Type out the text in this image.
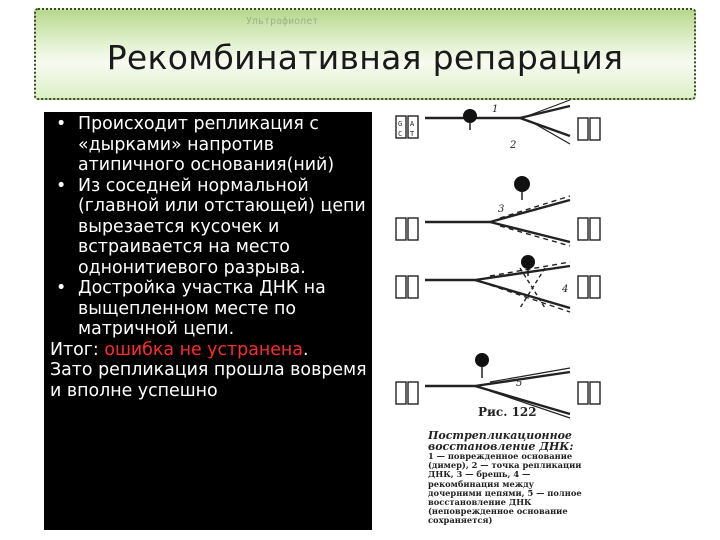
Ультрафиолет
Рекомбинативная репарация
• Происходит репликация с «дырками» напротив атипичного основания(ний)
• Из соседней нормальной (главной или отстающей) цепи вырезается кусочек и встраивается на место однонитиевого разрыва.
• Достройка участка ДНК на выщепленном месте по матричной цепи.
Итог: ошибка не устранена.
Зато репликация прошла вовремя и вполне успешно
1
2
3
4
5
G
C
A
T
Рис. 122
Пострепликационное восстановление ДНК:
1 — поврежденное основание (димер), 2 — точка репликации ДНК, 3 — брешь, 4 — рекомбинация между дочерними цепями, 5 — полное восстановление ДНК (неповрежденное основание сохраняется)
